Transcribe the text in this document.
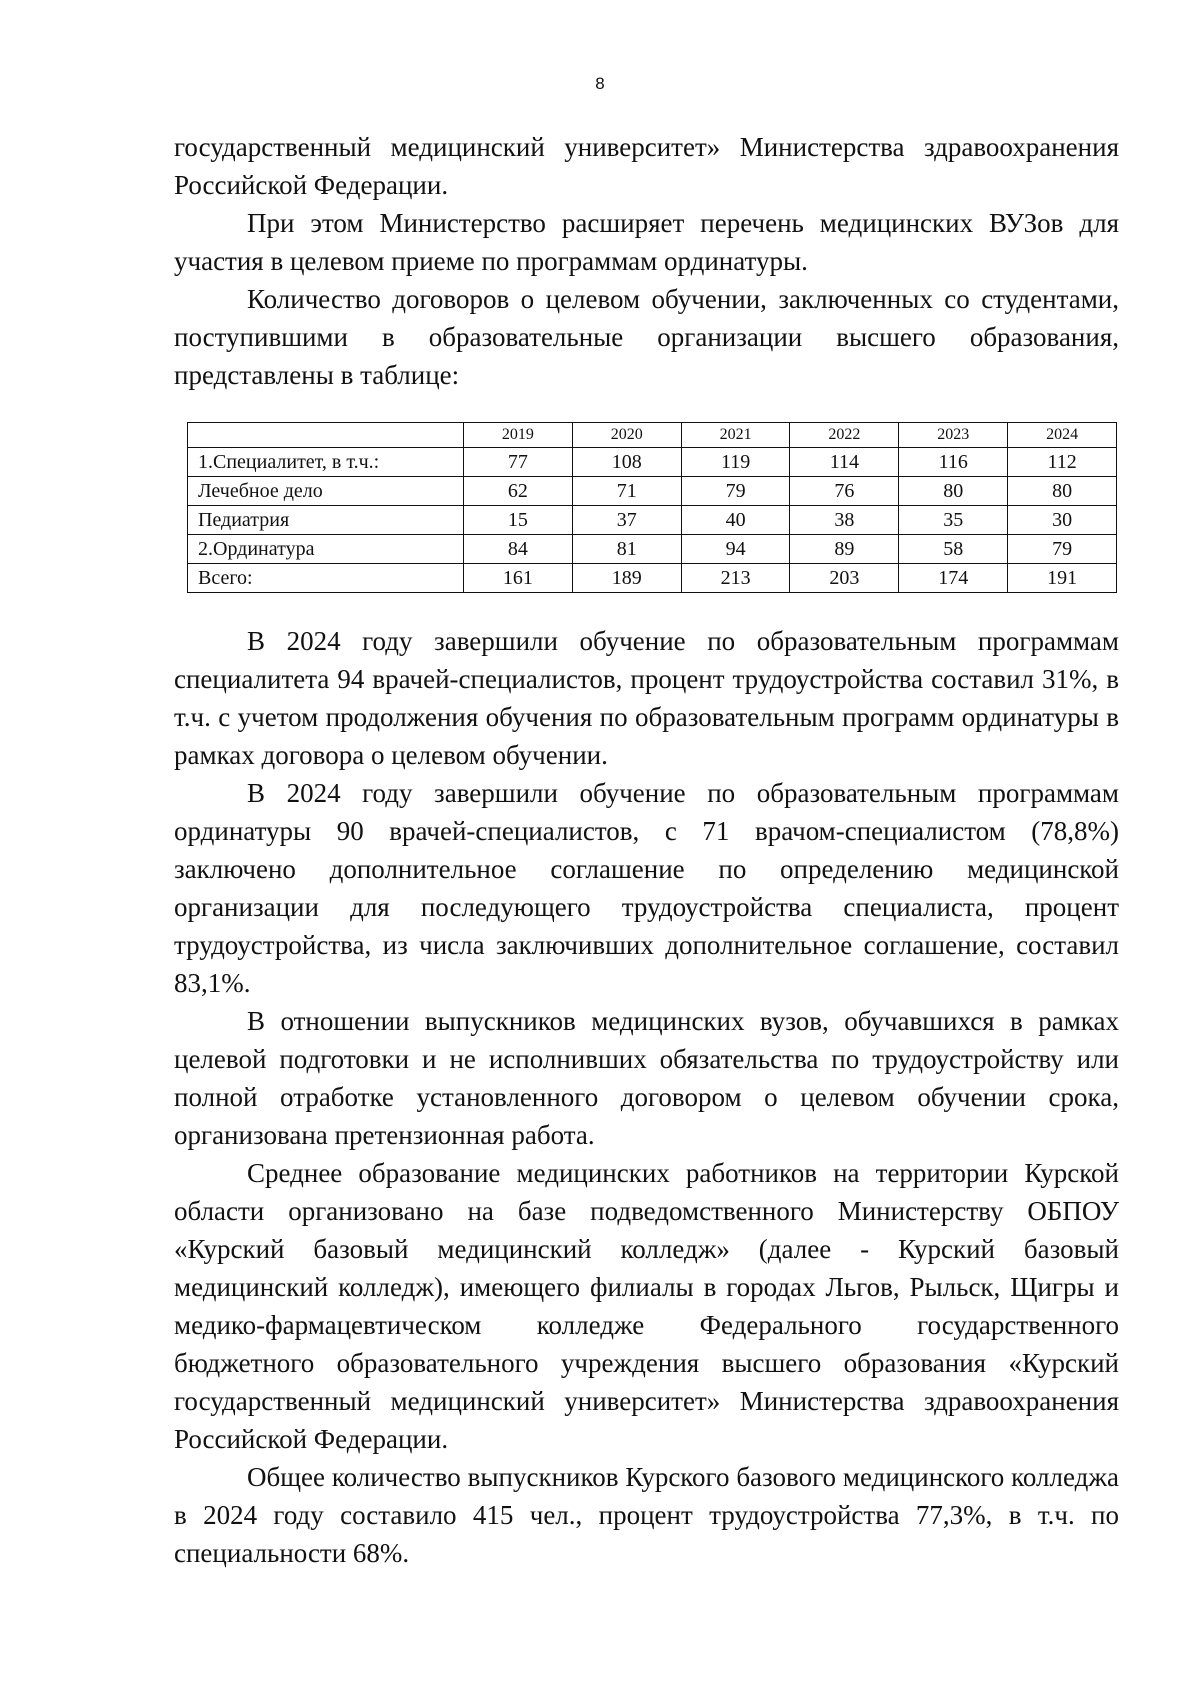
8

государственный медицинский университет» Министерства здравоохранения Российской Федерации.

При этом Министерство расширяет перечень медицинских ВУЗов для участия в целевом приеме по программам ординатуры.

Количество договоров о целевом обучении, заключенных со студентами, поступившими в образовательные организации высшего образования, представлены в таблице:

	2019	2020	2021	2022	2023	2024
1.Специалитет, в т.ч.:	77	108	119	114	116	112
Лечебное дело	62	71	79	76	80	80
Педиатрия	15	37	40	38	35	30
2.Ординатура	84	81	94	89	58	79
Всего:	161	189	213	203	174	191

В 2024 году завершили обучение по образовательным программам специалитета 94 врачей-специалистов, процент трудоустройства составил 31%, в т.ч. с учетом продолжения обучения по образовательным программ ординатуры в рамках договора о целевом обучении.

В 2024 году завершили обучение по образовательным программам ординатуры 90 врачей-специалистов, с 71 врачом-специалистом (78,8%) заключено дополнительное соглашение по определению медицинской организации для последующего трудоустройства специалиста, процент трудоустройства, из числа заключивших дополнительное соглашение, составил 83,1%.

В отношении выпускников медицинских вузов, обучавшихся в рамках целевой подготовки и не исполнивших обязательства по трудоустройству или полной отработке установленного договором о целевом обучении срока, организована претензионная работа.

Среднее образование медицинских работников на территории Курской области организовано на базе подведомственного Министерству ОБПОУ «Курский базовый медицинский колледж» (далее - Курский базовый медицинский колледж), имеющего филиалы в городах Льгов, Рыльск, Щигры и медико-фармацевтическом колледже Федерального государственного бюджетного образовательного учреждения высшего образования «Курский государственный медицинский университет» Министерства здравоохранения Российской Федерации.

Общее количество выпускников Курского базового медицинского колледжа в 2024 году составило 415 чел., процент трудоустройства 77,3%, в т.ч. по специальности 68%.
